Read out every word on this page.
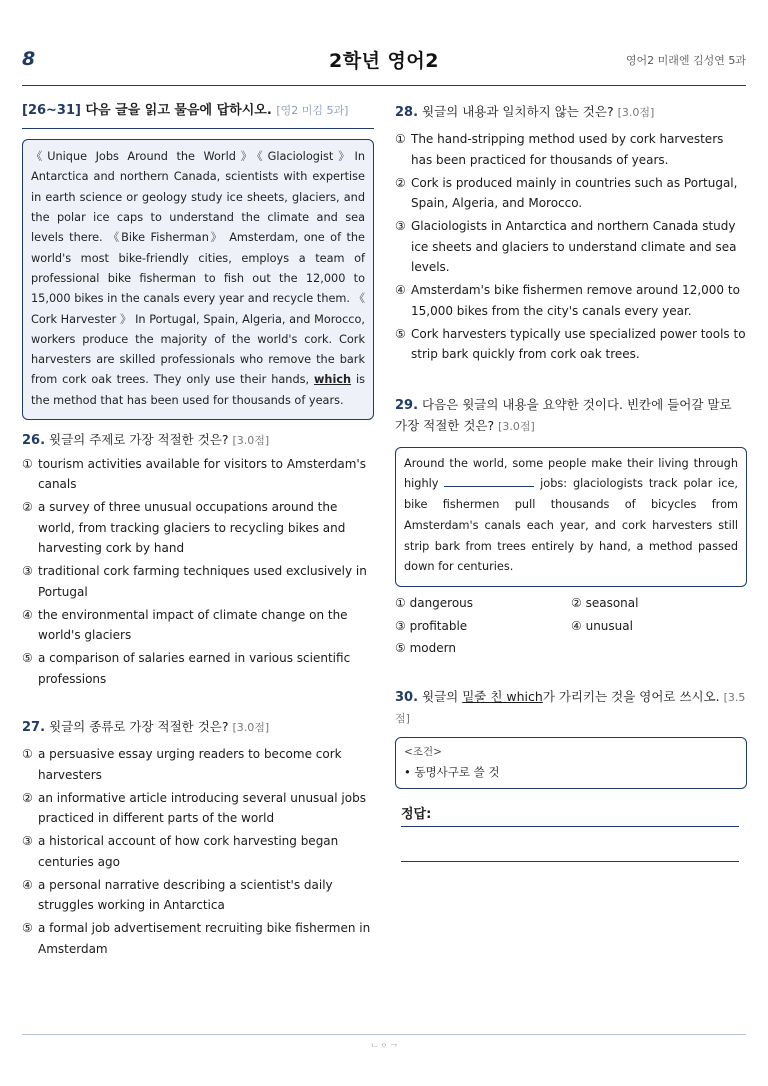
8	2학년 영어2	영어2 미래엔 김성연 5과
[26~31] 다음 글을 읽고 물음에 답하시오. [영2 미김 5과]
《Unique Jobs Around the World》《Glaciologist》In Antarctica and northern Canada, scientists with expertise in earth science or geology study ice sheets, glaciers, and the polar ice caps to understand the climate and sea levels there. 《Bike Fisherman》 Amsterdam, one of the world's most bike-friendly cities, employs a team of professional bike fisherman to fish out the 12,000 to 15,000 bikes in the canals every year and recycle them. 《 Cork Harvester 》 In Portugal, Spain, Algeria, and Morocco, workers produce the majority of the world's cork. Cork harvesters are skilled professionals who remove the bark from cork oak trees. They only use their hands, which is the method that has been used for thousands of years.
26. 윗글의 주제로 가장 적절한 것은? [3.0점]
① tourism activities available for visitors to Amsterdam's canals
② a survey of three unusual occupations around the world, from tracking glaciers to recycling bikes and harvesting cork by hand
③ traditional cork farming techniques used exclusively in Portugal
④ the environmental impact of climate change on the world's glaciers
⑤ a comparison of salaries earned in various scientific professions
27. 윗글의 종류로 가장 적절한 것은? [3.0점]
① a persuasive essay urging readers to become cork harvesters
② an informative article introducing several unusual jobs practiced in different parts of the world
③ a historical account of how cork harvesting began centuries ago
④ a personal narrative describing a scientist's daily struggles working in Antarctica
⑤ a formal job advertisement recruiting bike fishermen in Amsterdam
28. 윗글의 내용과 일치하지 않는 것은? [3.0점]
① The hand-stripping method used by cork harvesters has been practiced for thousands of years.
② Cork is produced mainly in countries such as Portugal, Spain, Algeria, and Morocco.
③ Glaciologists in Antarctica and northern Canada study ice sheets and glaciers to understand climate and sea levels.
④ Amsterdam's bike fishermen remove around 12,000 to 15,000 bikes from the city's canals every year.
⑤ Cork harvesters typically use specialized power tools to strip bark quickly from cork oak trees.
29. 다음은 윗글의 내용을 요약한 것이다. 빈칸에 들어갈 말로 가장 적절한 것은? [3.0점]
Around the world, some people make their living through highly	jobs: glaciologists track polar ice, bike fishermen pull thousands of bicycles from Amsterdam's canals each year, and cork harvesters still strip bark from trees entirely by hand, a method passed down for centuries.
① dangerous	② seasonal
③ profitable	④ unusual
⑤ modern
30. 윗글의 밑줄 친 which가 가리키는 것을 영어로 쓰시오. [3.5점]
<조건>
• 동명사구로 쓸 것
정답:
ᄂᄋᄀ
